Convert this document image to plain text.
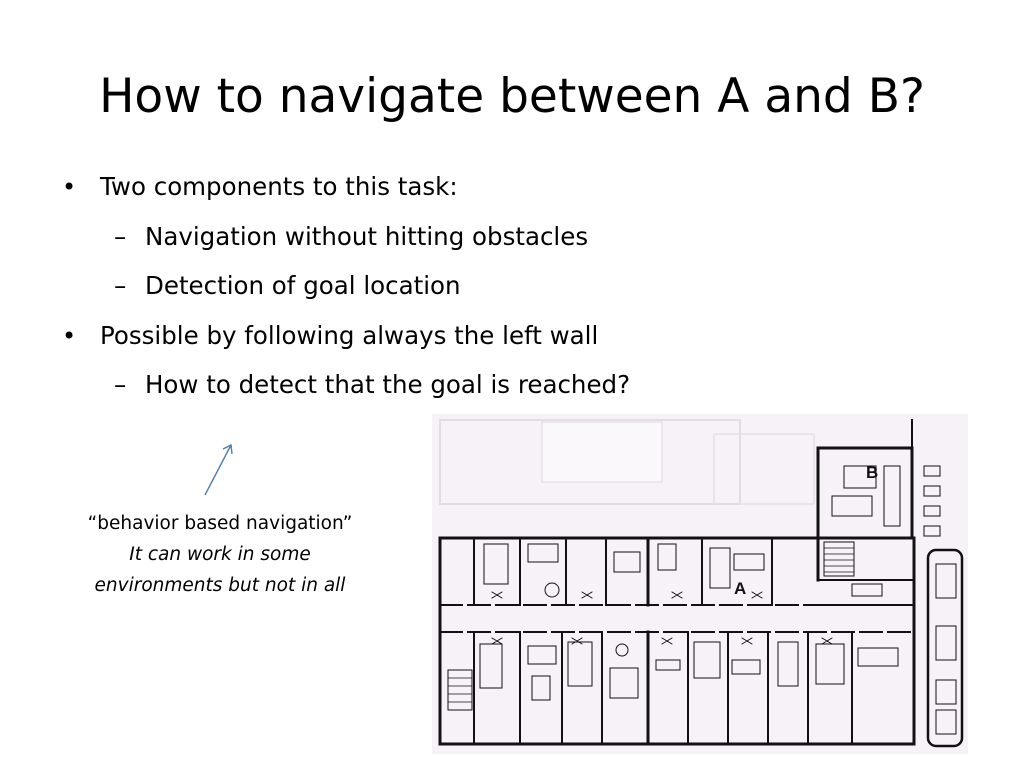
How to navigate between A and B?
• Two components to this task:
– Navigation without hitting obstacles
– Detection of goal location
• Possible by following always the left wall
– How to detect that the goal is reached?
“behavior based navigation”
It can work in some
environments but not in all	A
B
